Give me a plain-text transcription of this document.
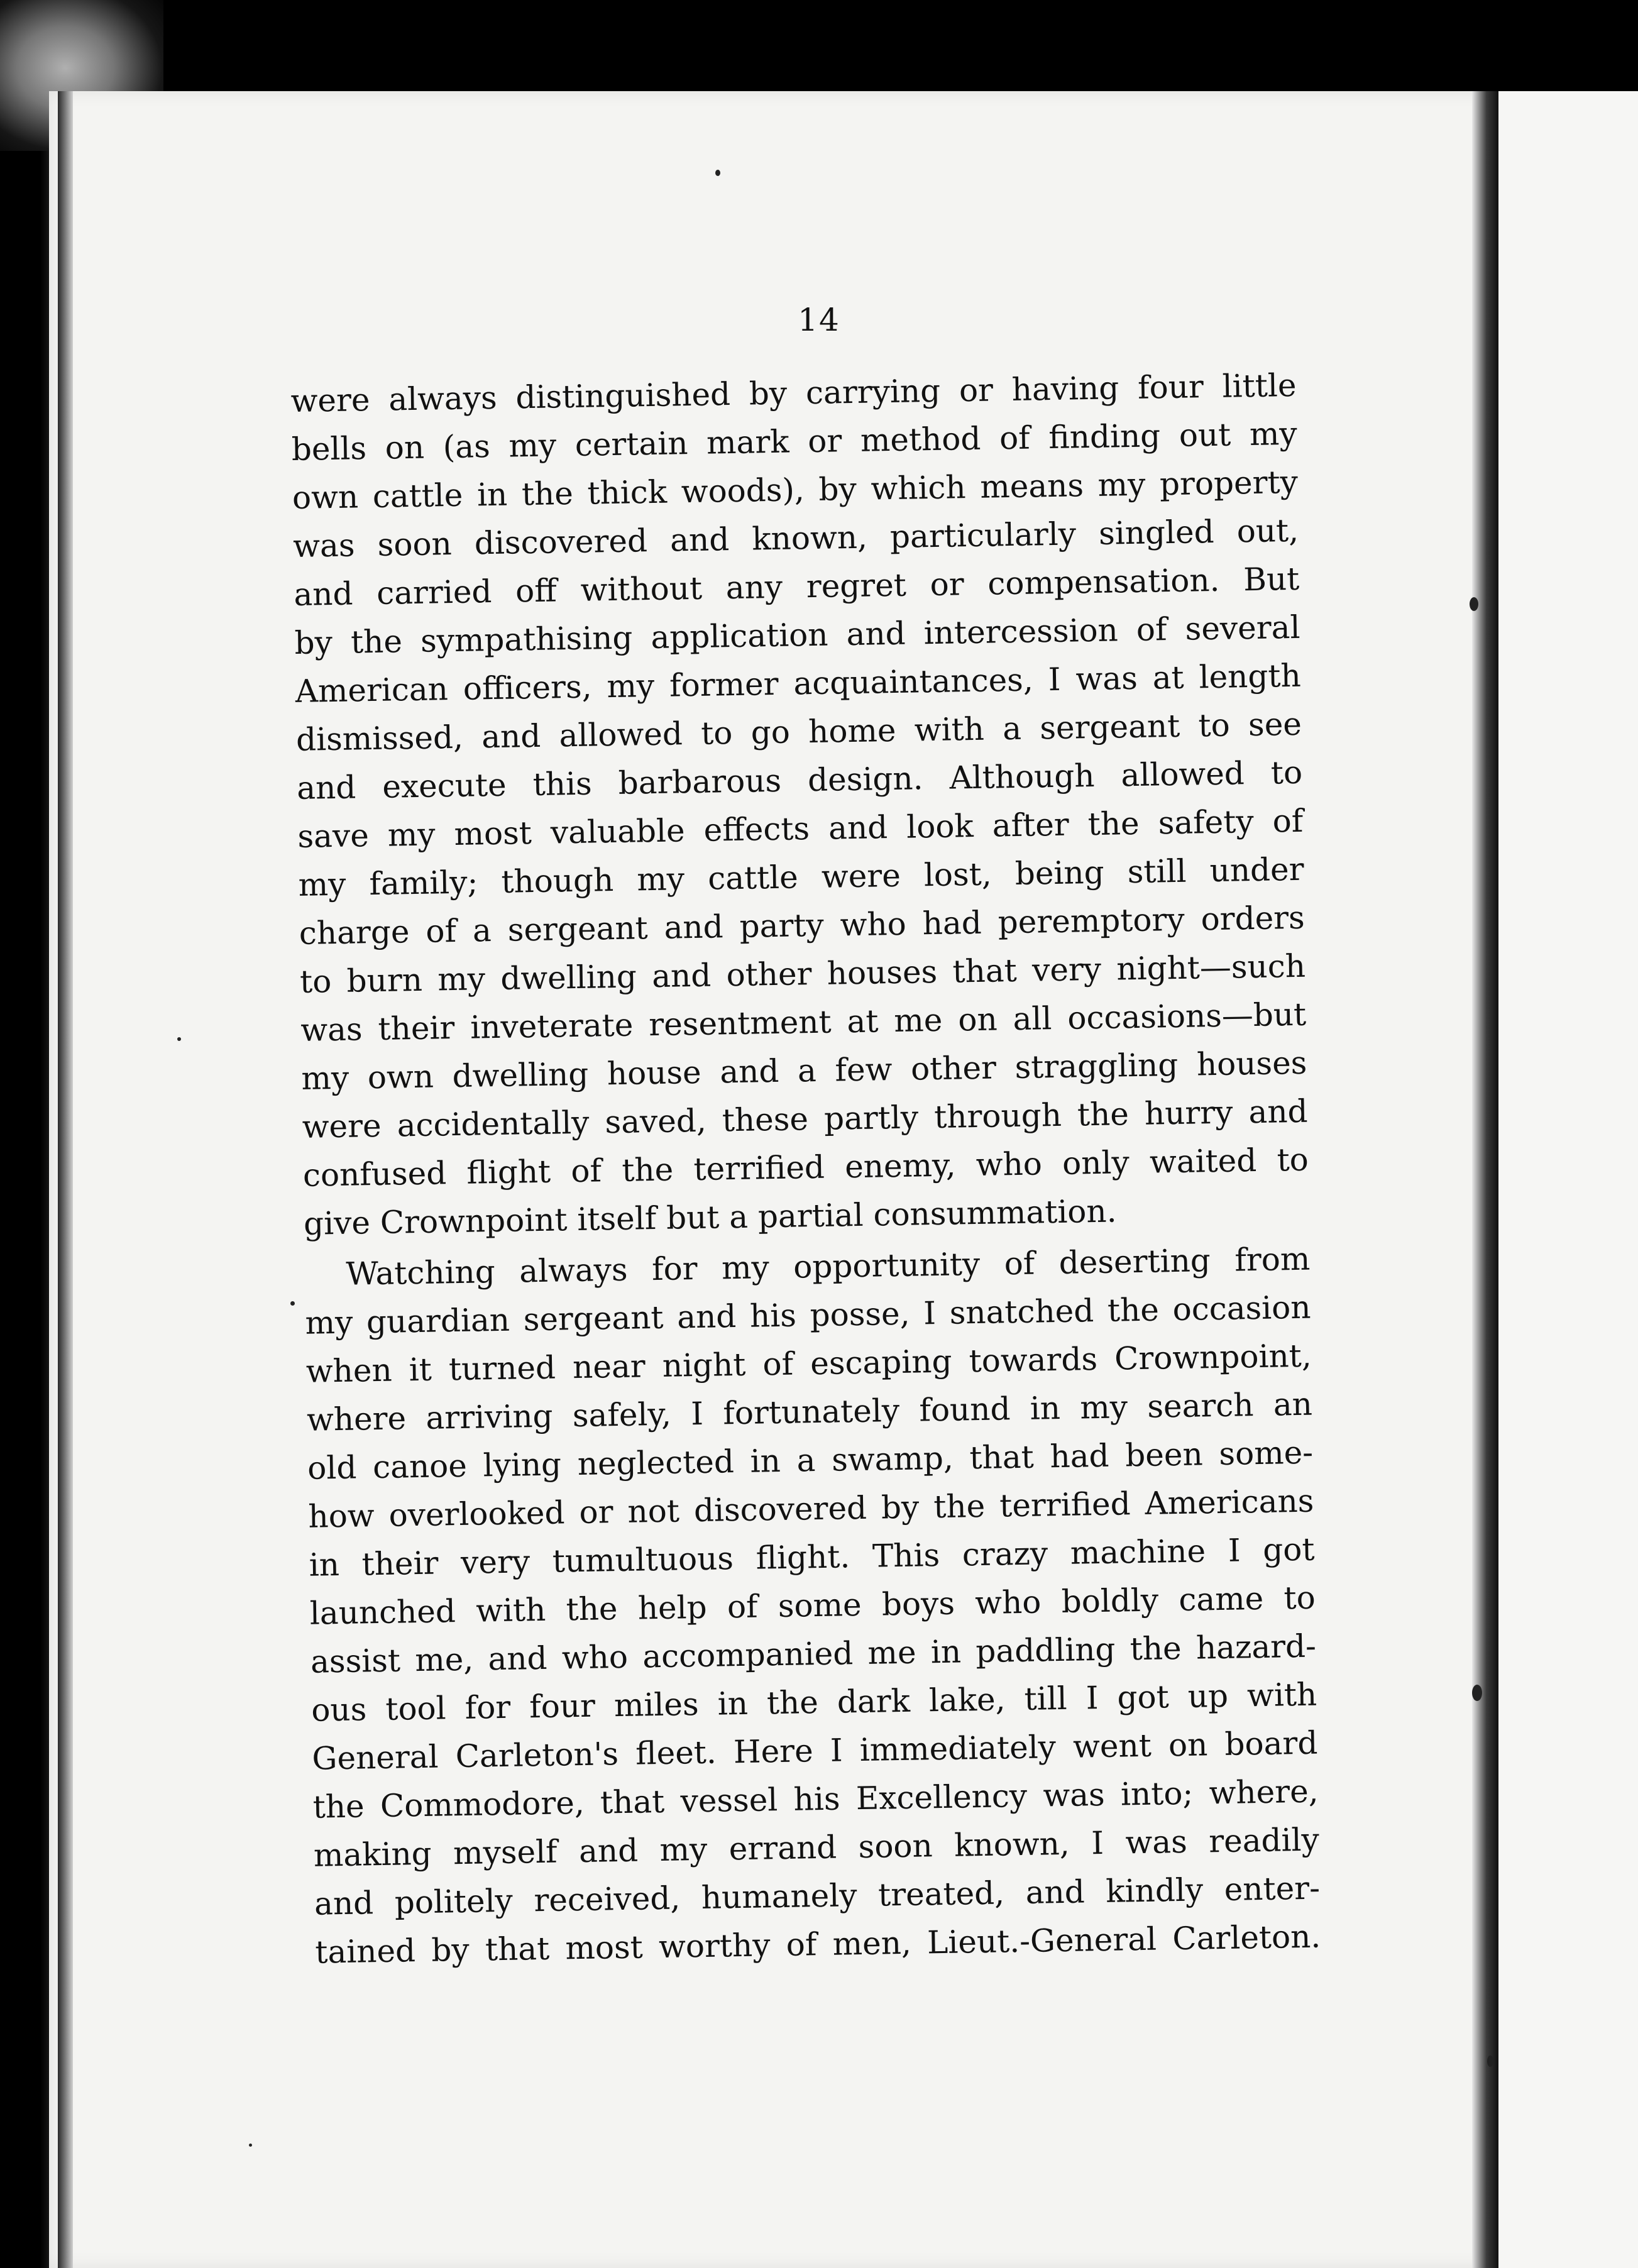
14
were always distinguished by carrying or having four little
bells on (as my certain mark or method of finding out my
own cattle in the thick woods), by which means my property
was soon discovered and known, particularly singled out,
and carried off without any regret or compensation. But
by the sympathising application and intercession of several
American officers, my former acquaintances, I was at length
dismissed, and allowed to go home with a sergeant to see
and execute this barbarous design. Although allowed to
save my most valuable effects and look after the safety of
my family; though my cattle were lost, being still under
charge of a sergeant and party who had peremptory orders
to burn my dwelling and other houses that very night—such
was their inveterate resentment at me on all occasions—but
my own dwelling house and a few other straggling houses
were accidentally saved, these partly through the hurry and
confused flight of the terrified enemy, who only waited to
give Crownpoint itself but a partial consummation.
Watching always for my opportunity of deserting from
my guardian sergeant and his posse, I snatched the occasion
when it turned near night of escaping towards Crownpoint,
where arriving safely, I fortunately found in my search an
old canoe lying neglected in a swamp, that had been some-
how overlooked or not discovered by the terrified Americans
in their very tumultuous flight. This crazy machine I got
launched with the help of some boys who boldly came to
assist me, and who accompanied me in paddling the hazard-
ous tool for four miles in the dark lake, till I got up with
General Carleton's fleet. Here I immediately went on board
the Commodore, that vessel his Excellency was into; where,
making myself and my errand soon known, I was readily
and politely received, humanely treated, and kindly enter-
tained by that most worthy of men, Lieut.-General Carleton.
